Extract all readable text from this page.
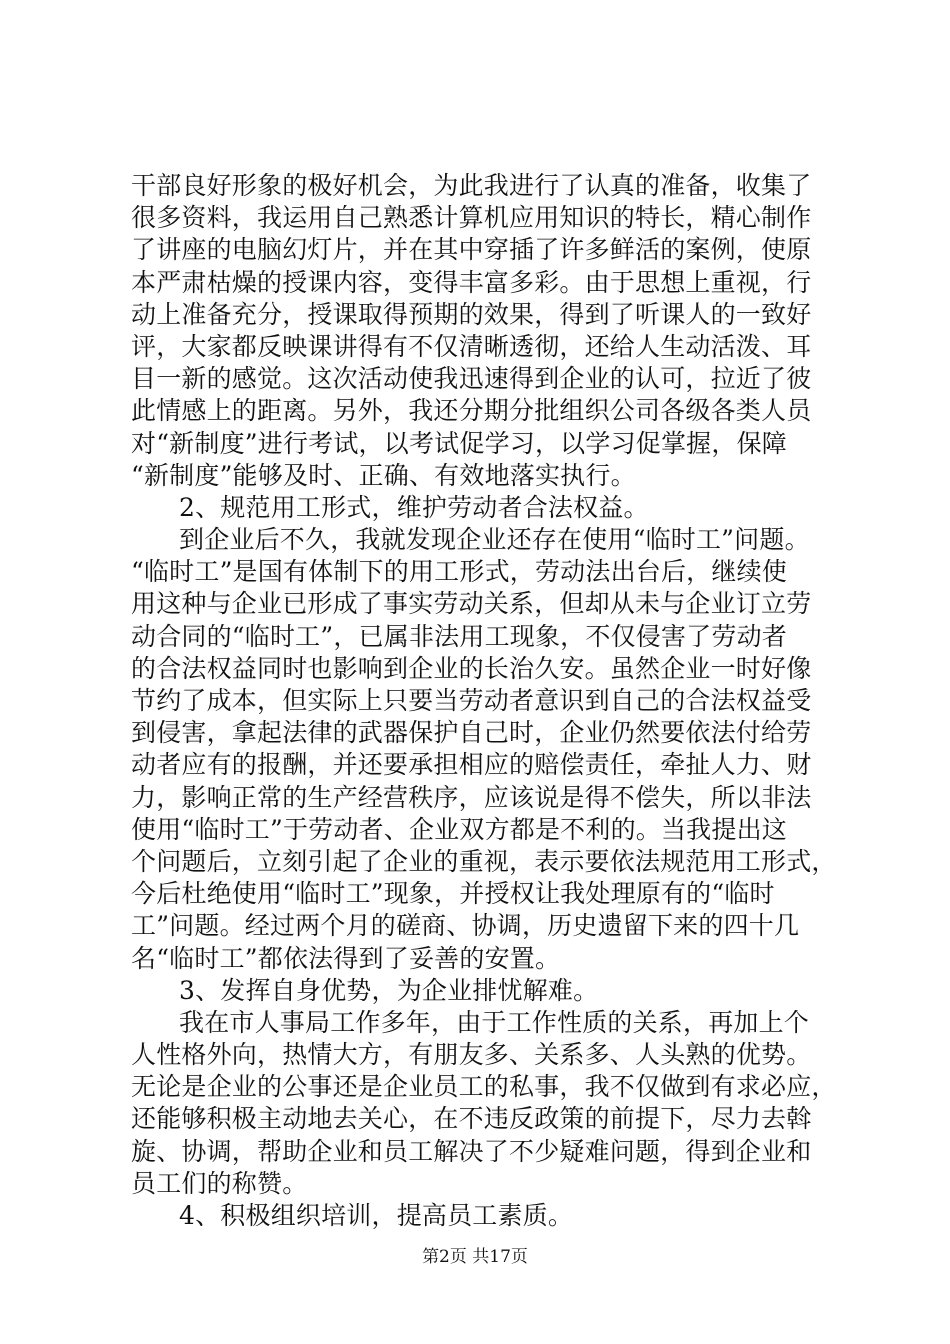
干部良好形象的极好机会，为此我进行了认真的准备，收集了
很多资料，我运用自己熟悉计算机应用知识的特长，精心制作
了讲座的电脑幻灯片，并在其中穿插了许多鲜活的案例，使原
本严肃枯燥的授课内容，变得丰富多彩。由于思想上重视，行
动上准备充分，授课取得预期的效果，得到了听课人的一致好
评，大家都反映课讲得有不仅清晰透彻，还给人生动活泼、耳
目一新的感觉。这次活动使我迅速得到企业的认可，拉近了彼
此情感上的距离。另外，我还分期分批组织公司各级各类人员
对“新制度”进行考试，以考试促学习，以学习促掌握，保障
“新制度”能够及时、正确、有效地落实执行。
2、规范用工形式，维护劳动者合法权益。
到企业后不久，我就发现企业还存在使用“临时工”问题。
“临时工”是国有体制下的用工形式，劳动法出台后，继续使
用这种与企业已形成了事实劳动关系，但却从未与企业订立劳
动合同的“临时工”，已属非法用工现象，不仅侵害了劳动者
的合法权益同时也影响到企业的长治久安。虽然企业一时好像
节约了成本，但实际上只要当劳动者意识到自己的合法权益受
到侵害，拿起法律的武器保护自己时，企业仍然要依法付给劳
动者应有的报酬，并还要承担相应的赔偿责任，牵扯人力、财
力，影响正常的生产经营秩序，应该说是得不偿失，所以非法
使用“临时工”于劳动者、企业双方都是不利的。当我提出这
个问题后，立刻引起了企业的重视，表示要依法规范用工形式，
今后杜绝使用“临时工”现象，并授权让我处理原有的“临时
工”问题。经过两个月的磋商、协调，历史遗留下来的四十几
名“临时工”都依法得到了妥善的安置。
3、发挥自身优势，为企业排忧解难。
我在市人事局工作多年，由于工作性质的关系，再加上个
人性格外向，热情大方，有朋友多、关系多、人头熟的优势。
无论是企业的公事还是企业员工的私事，我不仅做到有求必应，
还能够积极主动地去关心，在不违反政策的前提下，尽力去斡
旋、协调，帮助企业和员工解决了不少疑难问题，得到企业和
员工们的称赞。
4、积极组织培训，提高员工素质。
第2页 共17页
